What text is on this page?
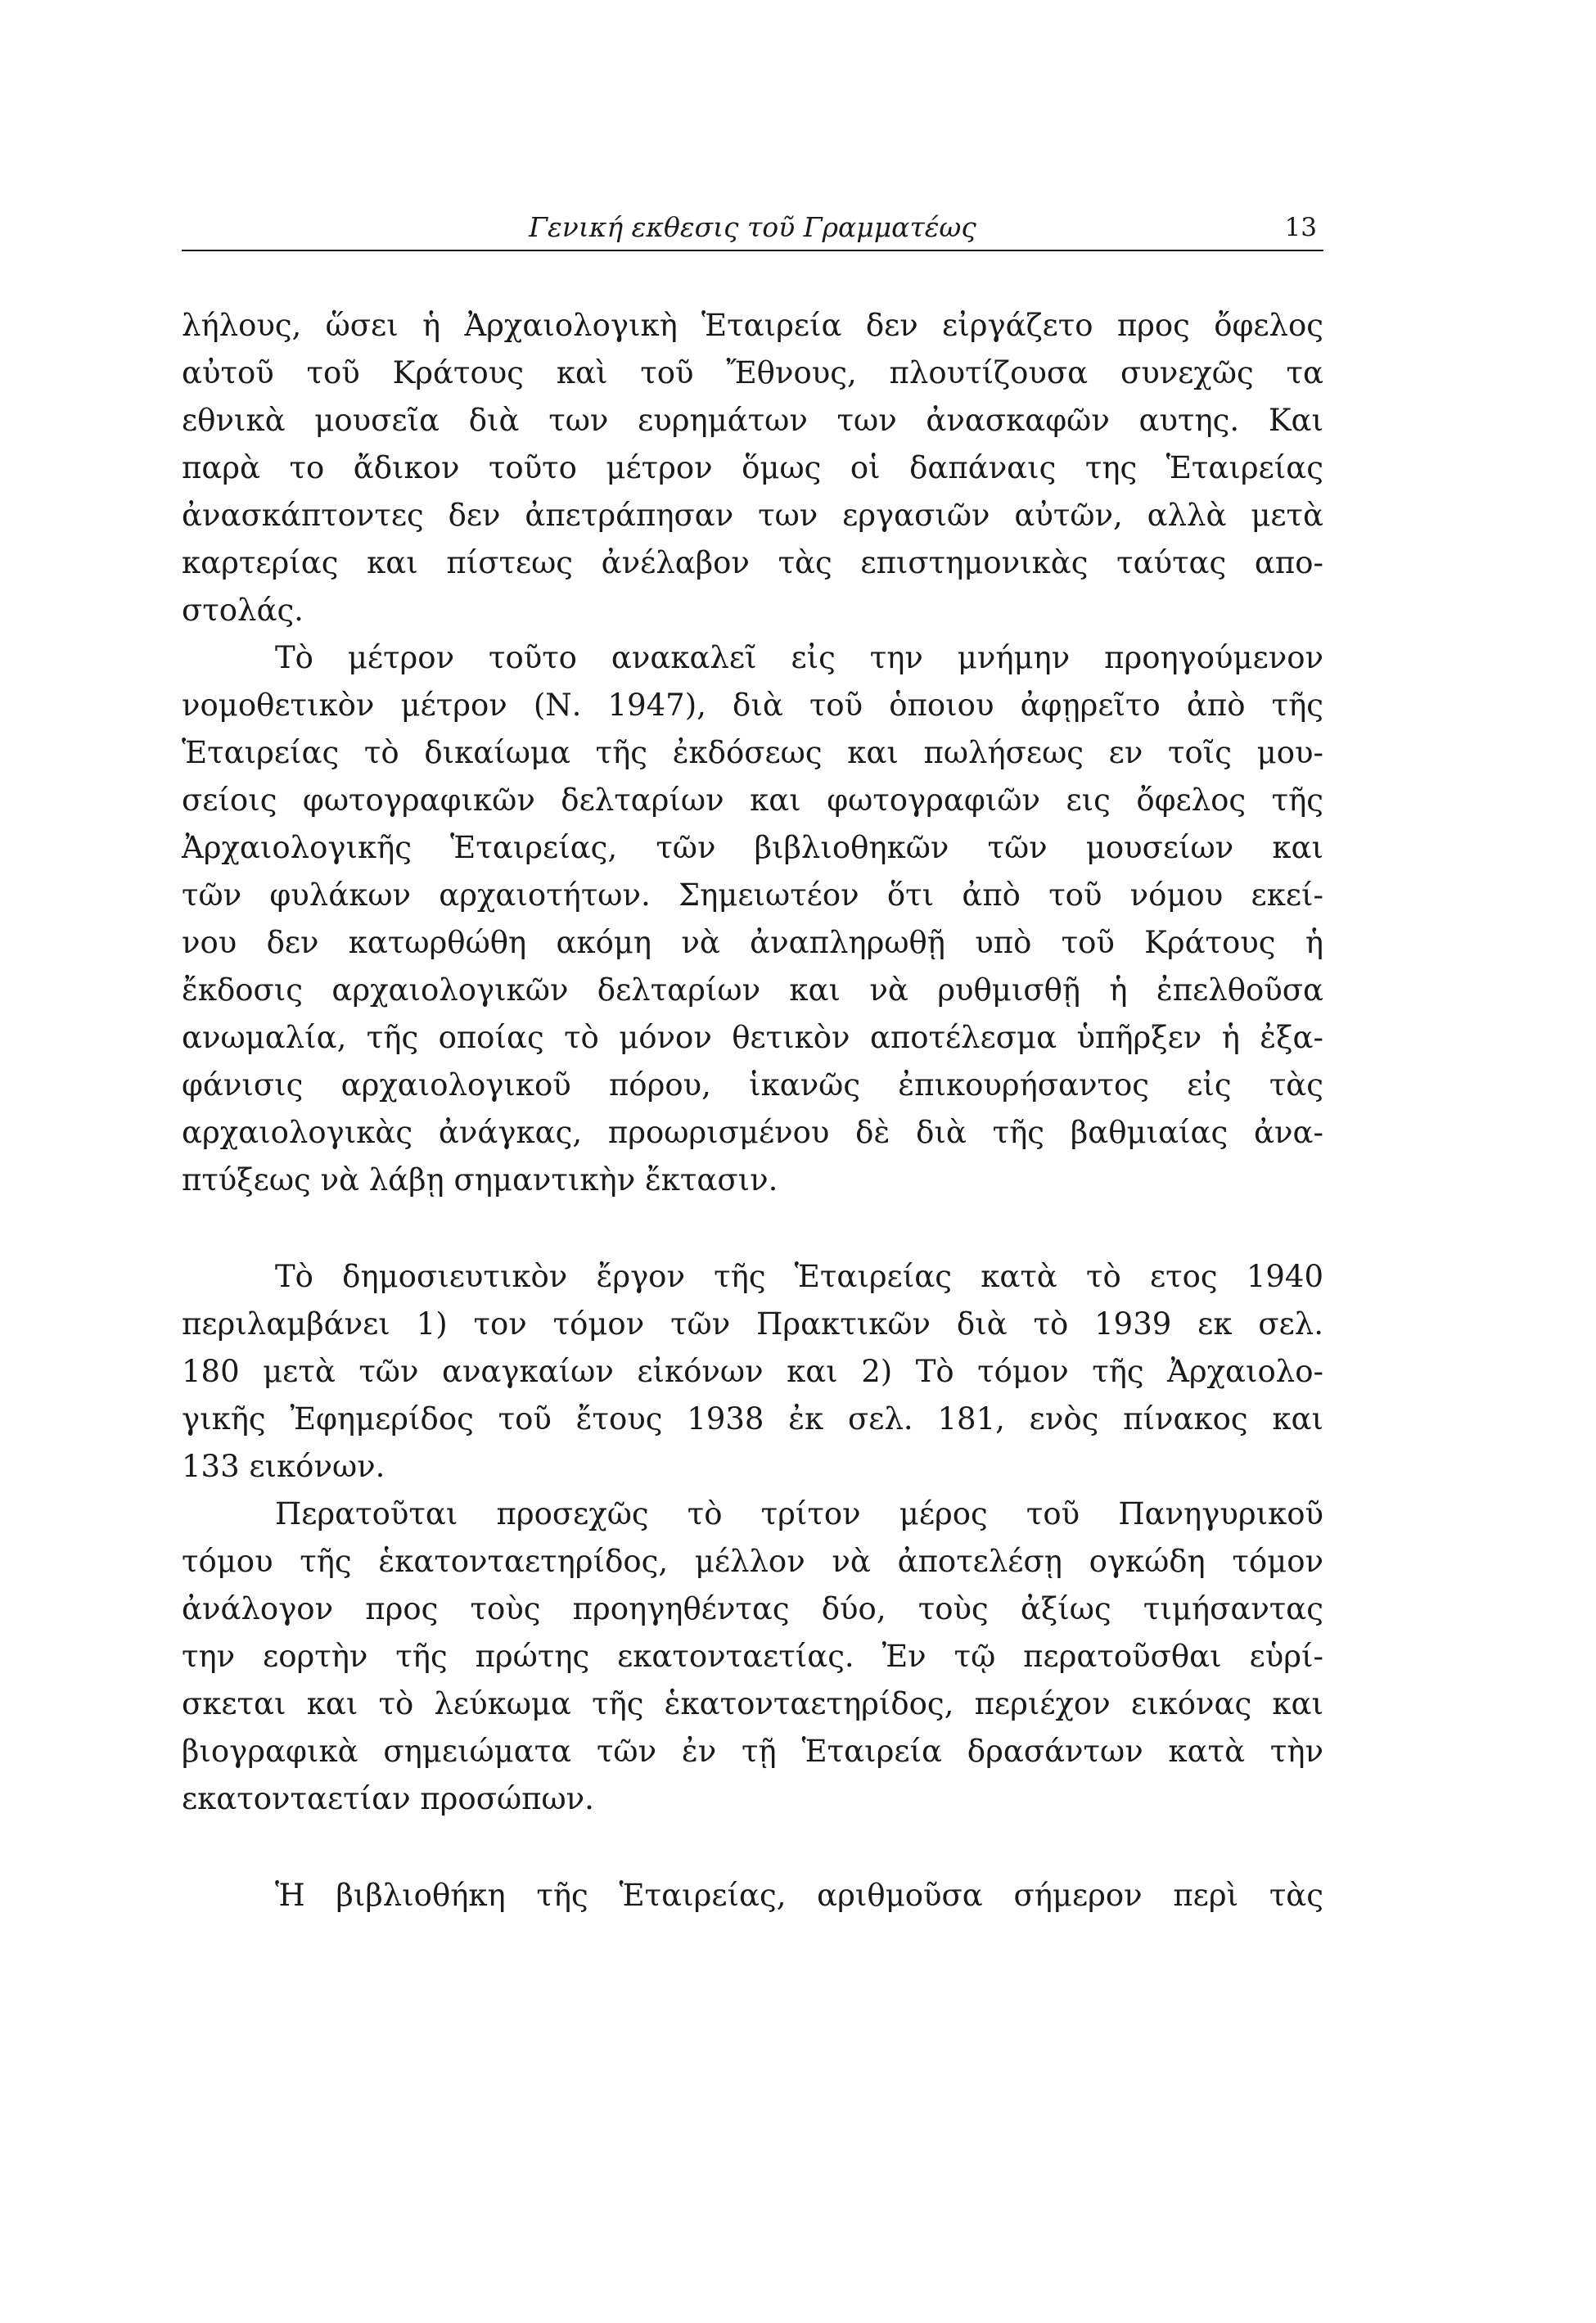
Γενική εκθεσις τοῦ Γραμματέως	13
λήλους, ὥσει ἡ Ἀρχαιολογικὴ Ἑταιρεία δεν εἰργάζετο προς ὄφελος
αὐτοῦ τοῦ Κράτους καὶ τοῦ Ἔθνους, πλουτίζουσα συνεχῶς τα
εθνικὰ μουσεῖα διὰ των ευρημάτων των ἀνασκαφῶν αυτης. Και
παρὰ το ἄδικον τοῦτο μέτρον ὅμως οἱ δαπάναις της Ἑταιρείας
ἀνασκάπτοντες δεν ἀπετράπησαν των εργασιῶν αὐτῶν, αλλὰ μετὰ
καρτερίας και πίστεως ἀνέλαβον τὰς επιστημονικὰς ταύτας απο-
στολάς.
Τὸ μέτρον τοῦτο ανακαλεῖ εἰς την μνήμην προηγούμενον
νομοθετικὸν μέτρον (Ν. 1947), διὰ τοῦ ὁποιου ἀφῃρεῖτο ἀπὸ τῆς
Ἑταιρείας τὸ δικαίωμα τῆς ἐκδόσεως και πωλήσεως εν τοῖς μου-
σείοις φωτογραφικῶν δελταρίων και φωτογραφιῶν εις ὄφελος τῆς
Ἀρχαιολογικῆς Ἑταιρείας, τῶν βιβλιοθηκῶν τῶν μουσείων και
τῶν φυλάκων αρχαιοτήτων. Σημειωτέον ὅτι ἀπὸ τοῦ νόμου εκεί-
νου δεν κατωρθώθη ακόμη νὰ ἀναπληρωθῇ υπὸ τοῦ Κράτους ἡ
ἔκδοσις αρχαιολογικῶν δελταρίων και νὰ ρυθμισθῇ ἡ ἐπελθοῦσα
ανωμαλία, τῆς οποίας τὸ μόνον θετικὸν αποτέλεσμα ὑπῆρξεν ἡ ἐξα-
φάνισις αρχαιολογικοῦ πόρου, ἱκανῶς ἐπικουρήσαντος εἰς τὰς
αρχαιολογικὰς ἀνάγκας, προωρισμένου δὲ διὰ τῆς βαθμιαίας ἀνα-
πτύξεως νὰ λάβῃ σημαντικὴν ἔκτασιν.
Τὸ δημοσιευτικὸν ἔργον τῆς Ἑταιρείας κατὰ τὸ ετος 1940
περιλαμβάνει 1) τον τόμον τῶν Πρακτικῶν διὰ τὸ 1939 εκ σελ.
180 μετὰ τῶν αναγκαίων εἰκόνων και 2) Τὸ τόμον τῆς Ἀρχαιολο-
γικῆς Ἐφημερίδος τοῦ ἔτους 1938 ἐκ σελ. 181, ενὸς πίνακος και
133 εικόνων.
Περατοῦται προσεχῶς τὸ τρίτον μέρος τοῦ Πανηγυρικοῦ
τόμου τῆς ἑκατονταετηρίδος, μέλλον νὰ ἀποτελέσῃ ογκώδη τόμον
ἀνάλογον προς τοὺς προηγηθέντας δύο, τοὺς ἀξίως τιμήσαντας
την εορτὴν τῆς πρώτης εκατονταετίας. Ἐν τῷ περατοῦσθαι εὑρί-
σκεται και τὸ λεύκωμα τῆς ἑκατονταετηρίδος, περιέχον εικόνας και
βιογραφικὰ σημειώματα τῶν ἐν τῇ Ἑταιρεία δρασάντων κατὰ τὴν
εκατονταετίαν προσώπων.
Ἡ βιβλιοθήκη τῆς Ἑταιρείας, αριθμοῦσα σήμερον περὶ τὰς
